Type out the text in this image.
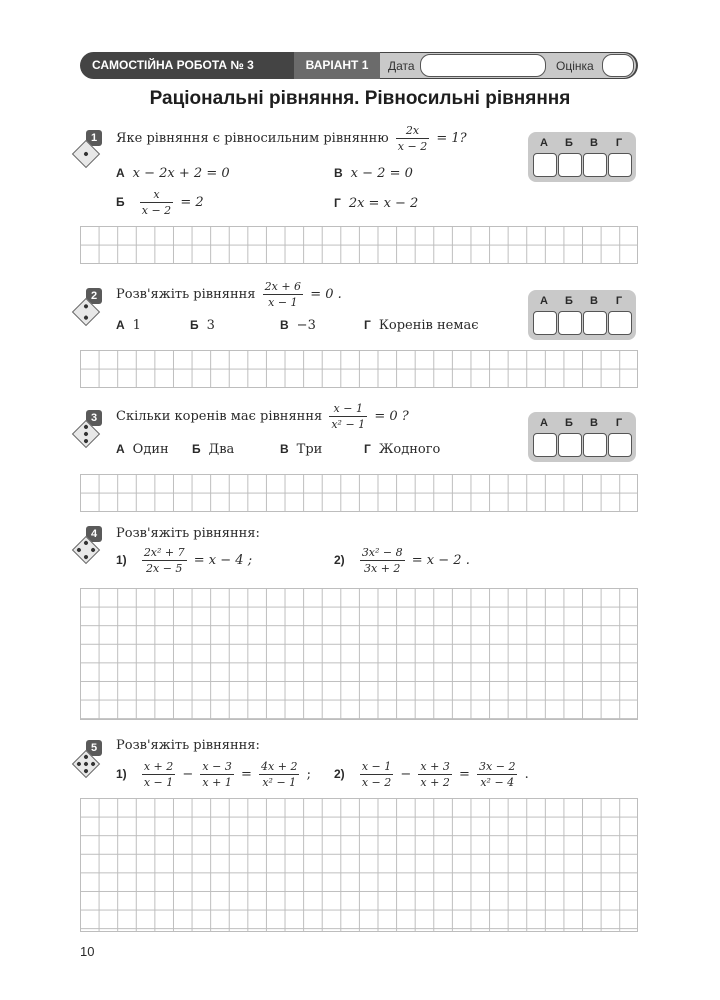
САМОСТІЙНА РОБОТА № 3	ВАРІАНТ 1	Дата	Оцінка
Раціональні рівняння. Рівносильні рівняння
1	Яке рівняння є рівносильним рівнянню $\frac{2x}{x - 2} = 1$?
А x − 2x + 2 = 0	В x − 2 = 0
Б $\frac{x}{x - 2} = 2$	Г 2x = x − 2
А	Б	В	Г
2	Розв'яжіть рівняння $\frac{2x + 6}{x - 1} = 0$ .
А 1	Б 3	В −3	Г Коренів немає
А	Б	В	Г
3	Скільки коренів має рівняння $\frac{x - 1}{\text{x² − 1}} = 0$ ?
А Один Б Два	В Три	Г Жодного
А	Б	В	Г
4	Розв'яжіть рівняння:
$1) \frac{\text{2x² + 7}}{2x - 5} = x - 4$ ;	$2) \frac{\text{3x² − 8}}{3x + 2} = x - 2$ .
5	Розв'яжіть рівняння:
$1) \frac{x + 2}{x - 1} - \frac{x - 3}{x + 1} = \frac{4x + 2}{\text{x² − 1}}$ ; $2) \frac{x - 1}{x - 2} - \frac{x + 3}{x + 2} = \frac{3x - 2}{\text{x² − 4}}$ .
10
